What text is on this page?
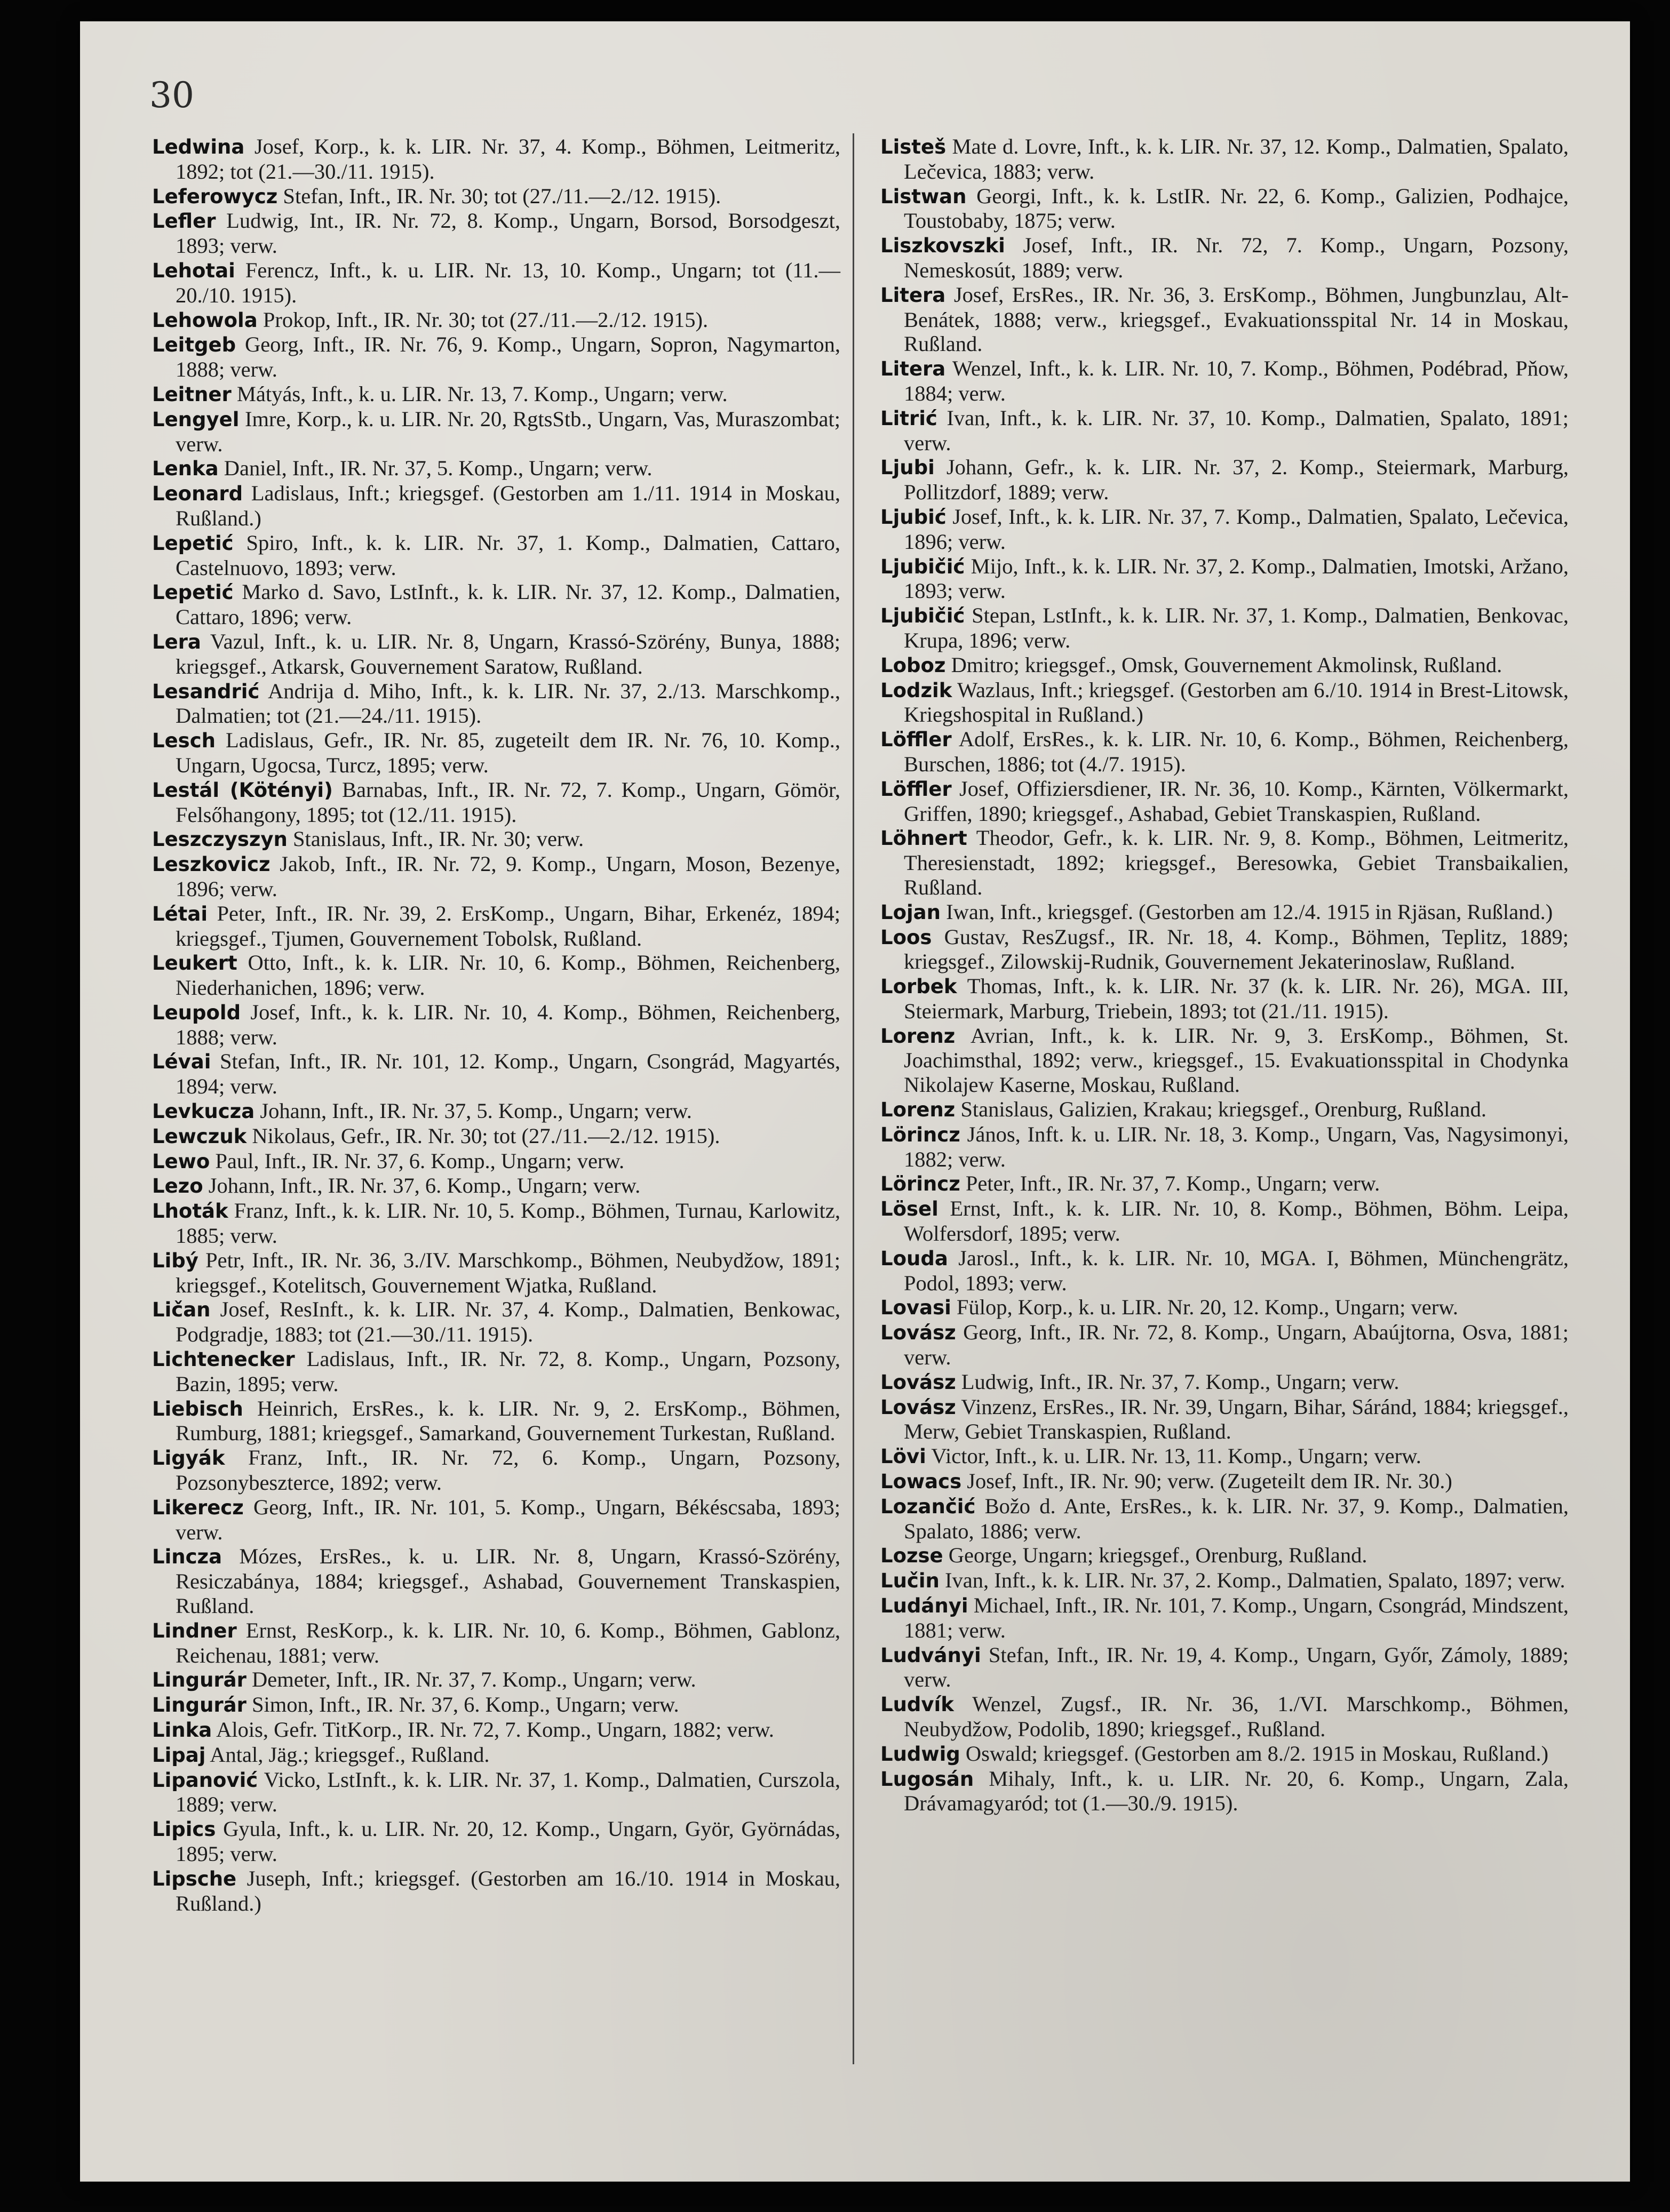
30

Ledwina Josef, Korp., k. k. LIR. Nr. 37, 4. Komp., Böhmen, Leitmeritz, 1892; tot (21.—30./11. 1915).

Leferowycz Stefan, Inft., IR. Nr. 30; tot (27./11.—2./12. 1915).

Lefler Ludwig, Int., IR. Nr. 72, 8. Komp., Ungarn, Borsod, Borsodgeszt, 1893; verw.

Lehotai Ferencz, Inft., k. u. LIR. Nr. 13, 10. Komp., Ungarn; tot (11.—20./10. 1915).

Lehowola Prokop, Inft., IR. Nr. 30; tot (27./11.—2./12. 1915).

Leitgeb Georg, Inft., IR. Nr. 76, 9. Komp., Ungarn, Sopron, Nagymarton, 1888; verw.

Leitner Mátyás, Inft., k. u. LIR. Nr. 13, 7. Komp., Ungarn; verw.

Lengyel Imre, Korp., k. u. LIR. Nr. 20, RgtsStb., Ungarn, Vas, Muraszombat; verw.

Lenka Daniel, Inft., IR. Nr. 37, 5. Komp., Ungarn; verw.

Leonard Ladislaus, Inft.; kriegsgef. (Gestorben am 1./11. 1914 in Moskau, Rußland.)

Lepetić Spiro, Inft., k. k. LIR. Nr. 37, 1. Komp., Dalmatien, Cattaro, Castelnuovo, 1893; verw.

Lepetić Marko d. Savo, LstInft., k. k. LIR. Nr. 37, 12. Komp., Dalmatien, Cattaro, 1896; verw.

Lera Vazul, Inft., k. u. LIR. Nr. 8, Ungarn, Krassó-Szörény, Bunya, 1888; kriegsgef., Atkarsk, Gouvernement Saratow, Rußland.

Lesandrić Andrija d. Miho, Inft., k. k. LIR. Nr. 37, 2./13. Marschkomp., Dalmatien; tot (21.—24./11. 1915).

Lesch Ladislaus, Gefr., IR. Nr. 85, zugeteilt dem IR. Nr. 76, 10. Komp., Ungarn, Ugocsa, Turcz, 1895; verw.

Lestál (Kötényi) Barnabas, Inft., IR. Nr. 72, 7. Komp., Ungarn, Gömör, Felsőhangony, 1895; tot (12./11. 1915).

Leszczyszyn Stanislaus, Inft., IR. Nr. 30; verw.

Leszkovicz Jakob, Inft., IR. Nr. 72, 9. Komp., Ungarn, Moson, Bezenye, 1896; verw.

Létai Peter, Inft., IR. Nr. 39, 2. ErsKomp., Ungarn, Bihar, Erkenéz, 1894; kriegsgef., Tjumen, Gouvernement Tobolsk, Rußland.

Leukert Otto, Inft., k. k. LIR. Nr. 10, 6. Komp., Böhmen, Reichenberg, Niederhanichen, 1896; verw.

Leupold Josef, Inft., k. k. LIR. Nr. 10, 4. Komp., Böhmen, Reichenberg, 1888; verw.

Lévai Stefan, Inft., IR. Nr. 101, 12. Komp., Ungarn, Csongrád, Magyartés, 1894; verw.

Levkucza Johann, Inft., IR. Nr. 37, 5. Komp., Ungarn; verw.

Lewczuk Nikolaus, Gefr., IR. Nr. 30; tot (27./11.—2./12. 1915).

Lewo Paul, Inft., IR. Nr. 37, 6. Komp., Ungarn; verw.

Lezo Johann, Inft., IR. Nr. 37, 6. Komp., Ungarn; verw.

Lhoták Franz, Inft., k. k. LIR. Nr. 10, 5. Komp., Böhmen, Turnau, Karlowitz, 1885; verw.

Libý Petr, Inft., IR. Nr. 36, 3./IV. Marschkomp., Böhmen, Neubydžow, 1891; kriegsgef., Kotelitsch, Gouvernement Wjatka, Rußland.

Ličan Josef, ResInft., k. k. LIR. Nr. 37, 4. Komp., Dalmatien, Benkowac, Podgradje, 1883; tot (21.—30./11. 1915).

Lichtenecker Ladislaus, Inft., IR. Nr. 72, 8. Komp., Ungarn, Pozsony, Bazin, 1895; verw.

Liebisch Heinrich, ErsRes., k. k. LIR. Nr. 9, 2. ErsKomp., Böhmen, Rumburg, 1881; kriegsgef., Samarkand, Gouvernement Turkestan, Rußland.

Ligyák Franz, Inft., IR. Nr. 72, 6. Komp., Ungarn, Pozsony, Pozsonybeszterce, 1892; verw.

Likerecz Georg, Inft., IR. Nr. 101, 5. Komp., Ungarn, Békéscsaba, 1893; verw.

Lincza Mózes, ErsRes., k. u. LIR. Nr. 8, Ungarn, Krassó-Szörény, Resiczabánya, 1884; kriegsgef., Ashabad, Gouvernement Transkaspien, Rußland.

Lindner Ernst, ResKorp., k. k. LIR. Nr. 10, 6. Komp., Böhmen, Gablonz, Reichenau, 1881; verw.

Lingurár Demeter, Inft., IR. Nr. 37, 7. Komp., Ungarn; verw.

Lingurár Simon, Inft., IR. Nr. 37, 6. Komp., Ungarn; verw.

Linka Alois, Gefr. TitKorp., IR. Nr. 72, 7. Komp., Ungarn, 1882; verw.

Lipaj Antal, Jäg.; kriegsgef., Rußland.

Lipanović Vicko, LstInft., k. k. LIR. Nr. 37, 1. Komp., Dalmatien, Curszola, 1889; verw.

Lipics Gyula, Inft., k. u. LIR. Nr. 20, 12. Komp., Ungarn, Györ, Györnádas, 1895; verw.

Lipsche Juseph, Inft.; kriegsgef. (Gestorben am 16./10. 1914 in Moskau, Rußland.)

Listeš Mate d. Lovre, Inft., k. k. LIR. Nr. 37, 12. Komp., Dalmatien, Spalato, Lečevica, 1883; verw.

Listwan Georgi, Inft., k. k. LstIR. Nr. 22, 6. Komp., Galizien, Podhajce, Toustobaby, 1875; verw.

Liszkovszki Josef, Inft., IR. Nr. 72, 7. Komp., Ungarn, Pozsony, Nemeskosút, 1889; verw.

Litera Josef, ErsRes., IR. Nr. 36, 3. ErsKomp., Böhmen, Jungbunzlau, Alt-Benátek, 1888; verw., kriegsgef., Evakuationsspital Nr. 14 in Moskau, Rußland.

Litera Wenzel, Inft., k. k. LIR. Nr. 10, 7. Komp., Böhmen, Podébrad, Pňow, 1884; verw.

Litrić Ivan, Inft., k. k. LIR. Nr. 37, 10. Komp., Dalmatien, Spalato, 1891; verw.

Ljubi Johann, Gefr., k. k. LIR. Nr. 37, 2. Komp., Steiermark, Marburg, Pollitzdorf, 1889; verw.

Ljubić Josef, Inft., k. k. LIR. Nr. 37, 7. Komp., Dalmatien, Spalato, Lečevica, 1896; verw.

Ljubičić Mijo, Inft., k. k. LIR. Nr. 37, 2. Komp., Dalmatien, Imotski, Aržano, 1893; verw.

Ljubičić Stepan, LstInft., k. k. LIR. Nr. 37, 1. Komp., Dalmatien, Benkovac, Krupa, 1896; verw.

Loboz Dmitro; kriegsgef., Omsk, Gouvernement Akmolinsk, Rußland.

Lodzik Wazlaus, Inft.; kriegsgef. (Gestorben am 6./10. 1914 in Brest-Litowsk, Kriegshospital in Rußland.)

Löffler Adolf, ErsRes., k. k. LIR. Nr. 10, 6. Komp., Böhmen, Reichenberg, Burschen, 1886; tot (4./7. 1915).

Löffler Josef, Offiziersdiener, IR. Nr. 36, 10. Komp., Kärnten, Völkermarkt, Griffen, 1890; kriegsgef., Ashabad, Gebiet Transkaspien, Rußland.

Löhnert Theodor, Gefr., k. k. LIR. Nr. 9, 8. Komp., Böhmen, Leitmeritz, Theresienstadt, 1892; kriegsgef., Beresowka, Gebiet Transbaikalien, Rußland.

Lojan Iwan, Inft., kriegsgef. (Gestorben am 12./4. 1915 in Rjäsan, Rußland.)

Loos Gustav, ResZugsf., IR. Nr. 18, 4. Komp., Böhmen, Teplitz, 1889; kriegsgef., Zilowskij-Rudnik, Gouvernement Jekaterinoslaw, Rußland.

Lorbek Thomas, Inft., k. k. LIR. Nr. 37 (k. k. LIR. Nr. 26), MGA. III, Steiermark, Marburg, Triebein, 1893; tot (21./11. 1915).

Lorenz Avrian, Inft., k. k. LIR. Nr. 9, 3. ErsKomp., Böhmen, St. Joachimsthal, 1892; verw., kriegsgef., 15. Evakuationsspital in Chodynka Nikolajew Kaserne, Moskau, Rußland.

Lorenz Stanislaus, Galizien, Krakau; kriegsgef., Orenburg, Rußland.

Lörincz János, Inft. k. u. LIR. Nr. 18, 3. Komp., Ungarn, Vas, Nagysimonyi, 1882; verw.

Lörincz Peter, Inft., IR. Nr. 37, 7. Komp., Ungarn; verw.

Lösel Ernst, Inft., k. k. LIR. Nr. 10, 8. Komp., Böhmen, Böhm. Leipa, Wolfersdorf, 1895; verw.

Louda Jarosl., Inft., k. k. LIR. Nr. 10, MGA. I, Böhmen, Münchengrätz, Podol, 1893; verw.

Lovasi Fülop, Korp., k. u. LIR. Nr. 20, 12. Komp., Ungarn; verw.

Lovász Georg, Inft., IR. Nr. 72, 8. Komp., Ungarn, Abaújtorna, Osva, 1881; verw.

Lovász Ludwig, Inft., IR. Nr. 37, 7. Komp., Ungarn; verw.

Lovász Vinzenz, ErsRes., IR. Nr. 39, Ungarn, Bihar, Sáránd, 1884; kriegsgef., Merw, Gebiet Transkaspien, Rußland.

Lövi Victor, Inft., k. u. LIR. Nr. 13, 11. Komp., Ungarn; verw.

Lowacs Josef, Inft., IR. Nr. 90; verw. (Zugeteilt dem IR. Nr. 30.)

Lozančić Božo d. Ante, ErsRes., k. k. LIR. Nr. 37, 9. Komp., Dalmatien, Spalato, 1886; verw.

Lozse George, Ungarn; kriegsgef., Orenburg, Rußland.

Lučin Ivan, Inft., k. k. LIR. Nr. 37, 2. Komp., Dalmatien, Spalato, 1897; verw.

Ludányi Michael, Inft., IR. Nr. 101, 7. Komp., Ungarn, Csongrád, Mindszent, 1881; verw.

Ludványi Stefan, Inft., IR. Nr. 19, 4. Komp., Ungarn, Győr, Zámoly, 1889; verw.

Ludvík Wenzel, Zugsf., IR. Nr. 36, 1./VI. Marschkomp., Böhmen, Neubydžow, Podolib, 1890; kriegsgef., Rußland.

Ludwig Oswald; kriegsgef. (Gestorben am 8./2. 1915 in Moskau, Rußland.)

Lugosán Mihaly, Inft., k. u. LIR. Nr. 20, 6. Komp., Ungarn, Zala, Drávamagyaród; tot (1.—30./9. 1915).
